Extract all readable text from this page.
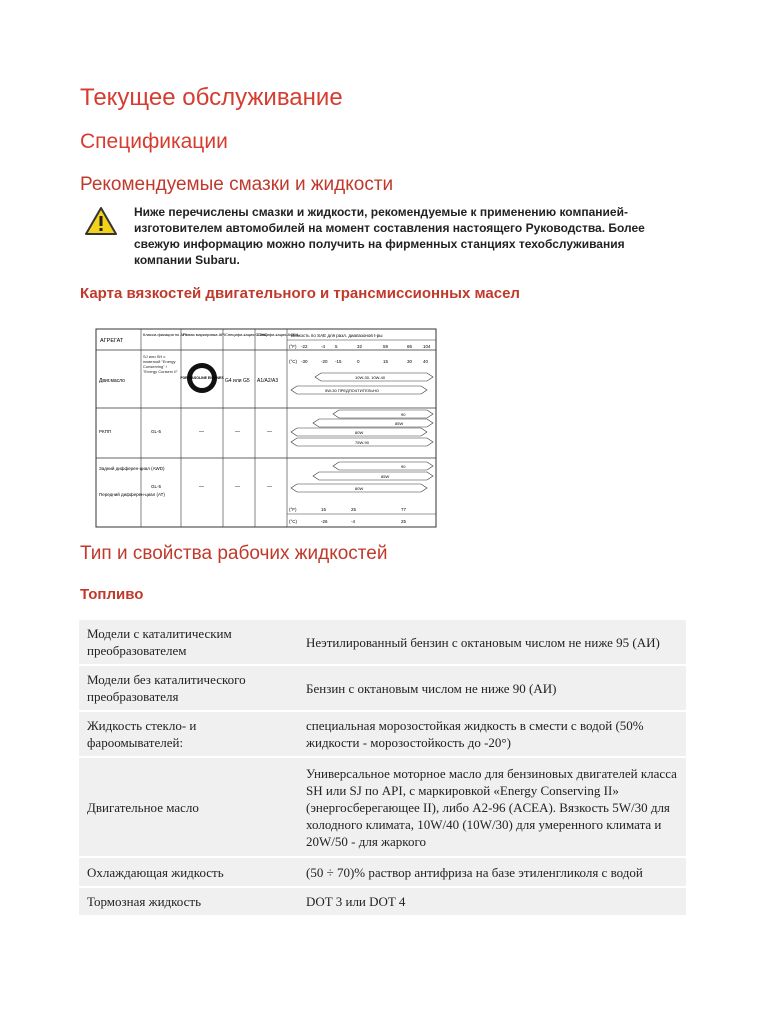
Текущее обслуживание
Спецификации
Рекомендуемые смазки и жидкости
Ниже перечислены смазки и жидкости, рекомендуемые к применению компанией-изготовителем автомобилей на момент составления настоящего Руководства. Более свежую информацию можно получить на фирменных станциях техобслуживания компании Subaru.
Карта вязкостей двигательного и трансмиссионных масел
АГРЕГАТ
Класси-фикация по API
Новая маркировка API Специфи-кация CCMC
Специфи-кация ACEA
Вязкость по SAE для разл. диапазонов t-ры
(°F)
(°C)
-22	-4 5	32	59	86 104
-30	-20 -15	0	15	30 40
Двиг.масло
РКПП
Задний дифферен-циал (AWD)
Передний дифферен-циал (АТ)
SJ или SH с пометкой "Energy Conserving" / "Energy Conserv II"
FOR GASOLINE ENGINES G4 или G5 A1/A2/A3
GL-5
GL-5
—	—	—
—	—	—
10W-30, 10W-40
5W-30 ПРЕДПОЧТИТЕЛЬНО
90
85W
80W
75W-90
90
85W
80W
(°F)
(°C)
15	25	77
-26	-4	25
Тип и свойства рабочих жидкостей
Топливо
Модели с каталитическим преобразователем	Неэтилированный бензин с октановым числом не ниже 95 (АИ)
Модели без каталитического преобразователя	Бензин с октановым числом не ниже 90 (АИ)
Жидкость стекло- и фароомывателей:	специальная морозостойкая жидкость в смести с водой (50% жидкости - морозостойкость до -20°)
Двигательное масло	Универсальное моторное масло для бензиновых двигателей класса SH или SJ по API, с маркировкой «Energy Conserving II» (энергосберегающее II), либо A2-96 (ACEA). Вязкость 5W/30 для холодного климата, 10W/40 (10W/30) для умеренного климата и 20W/50 - для жаркого
Охлаждающая жидкость	(50 ÷ 70)% раствор антифриза на базе этиленгликоля с водой
Тормозная жидкость	DOT 3 или DOT 4
